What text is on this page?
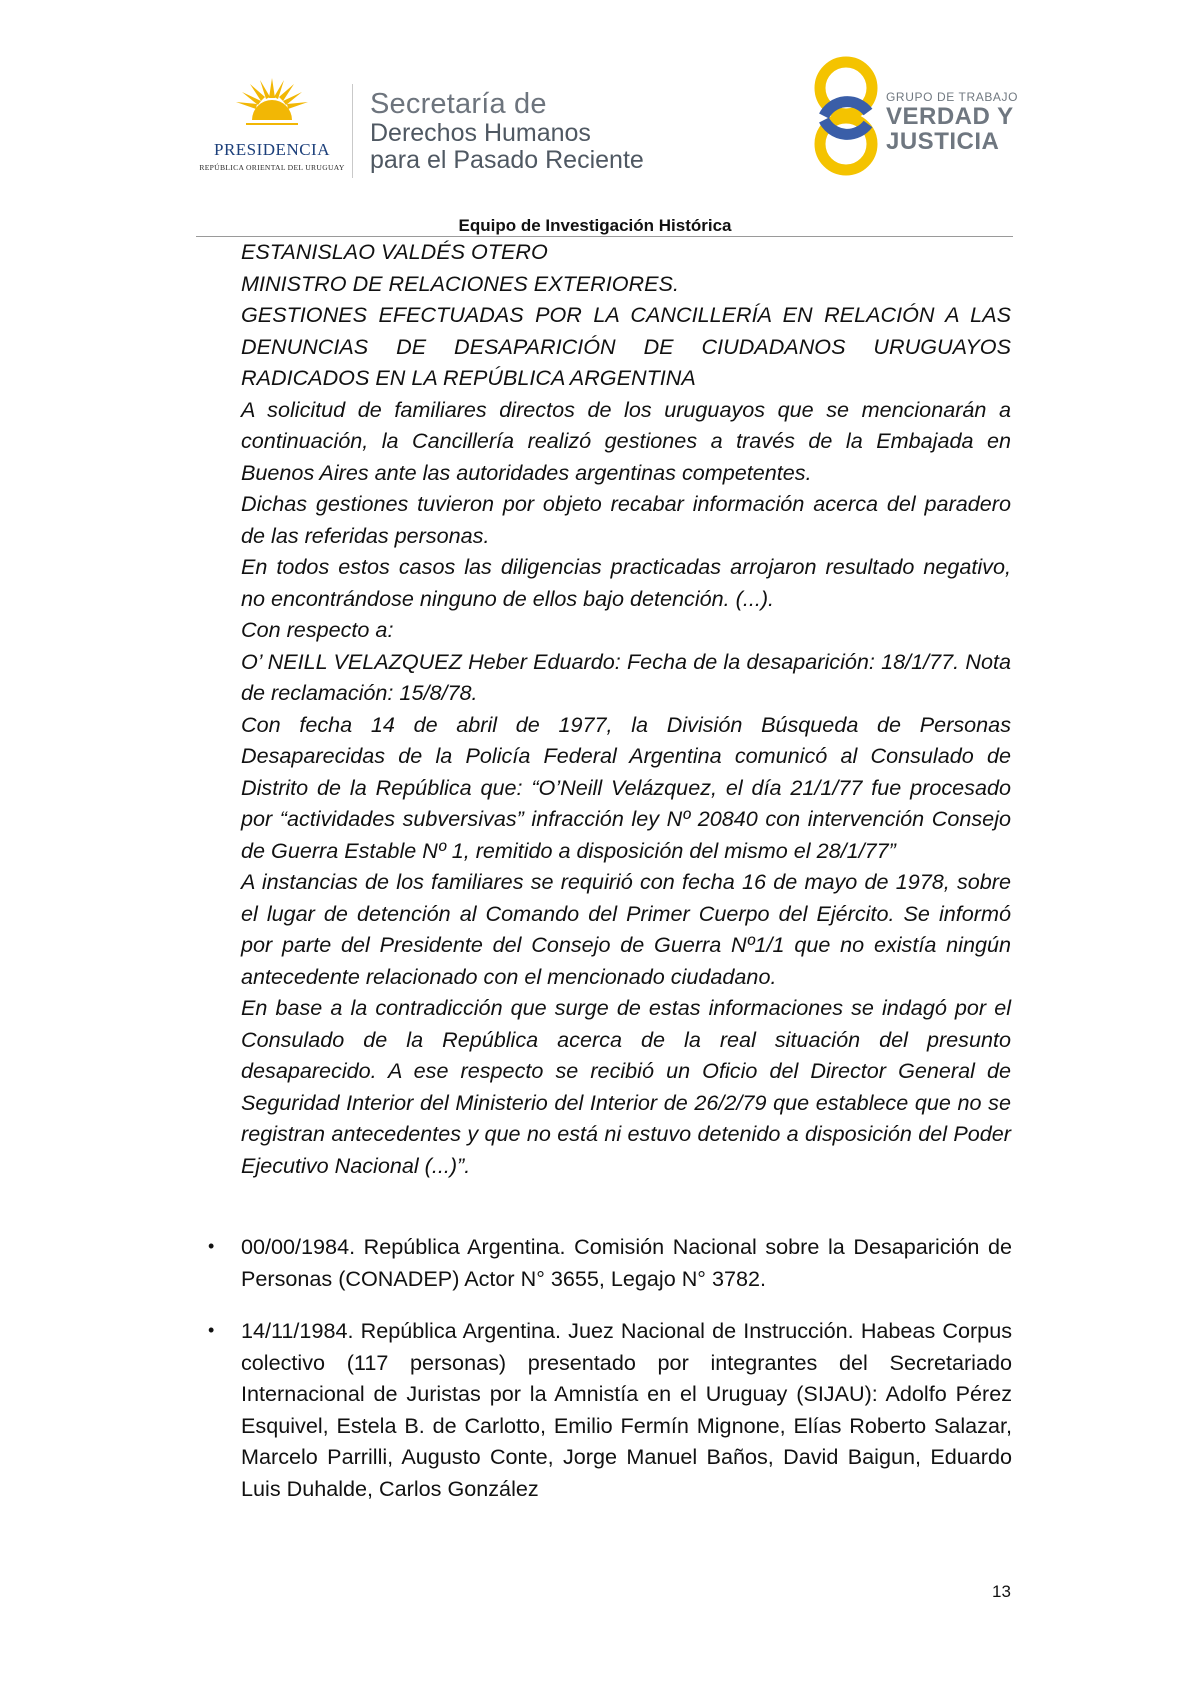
PRESIDENCIA
REPÚBLICA ORIENTAL DEL URUGUAY
Secretaría de
Derechos Humanos
para el Pasado Reciente
GRUPO DE TRABAJO
VERDAD Y
JUSTICIA
Equipo de Investigación Histórica

ESTANISLAO VALDÉS OTERO

MINISTRO DE RELACIONES EXTERIORES.

GESTIONES EFECTUADAS POR LA CANCILLERÍA EN RELACIÓN A LAS DENUNCIAS DE DESAPARICIÓN DE CIUDADANOS URUGUAYOS RADICADOS EN LA REPÚBLICA ARGENTINA

A solicitud de familiares directos de los uruguayos que se mencionarán a continuación, la Cancillería realizó gestiones a través de la Embajada en Buenos Aires ante las autoridades argentinas competentes.

Dichas gestiones tuvieron por objeto recabar información acerca del paradero de las referidas personas.

En todos estos casos las diligencias practicadas arrojaron resultado negativo, no encontrándose ninguno de ellos bajo detención. (...).

Con respecto a:

O’ NEILL VELAZQUEZ Heber Eduardo: Fecha de la desaparición: 18/1/77. Nota de reclamación: 15/8/78.

Con fecha 14 de abril de 1977, la División Búsqueda de Personas Desaparecidas de la Policía Federal Argentina comunicó al Consulado de Distrito de la República que: “O’Neill Velázquez, el día 21/1/77 fue procesado por “actividades subversivas” infracción ley Nº 20840 con intervención Consejo de Guerra Estable Nº 1, remitido a disposición del mismo el 28/1/77”

A instancias de los familiares se requirió con fecha 16 de mayo de 1978, sobre el lugar de detención al Comando del Primer Cuerpo del Ejército. Se informó por parte del Presidente del Consejo de Guerra Nº1/1 que no existía ningún antecedente relacionado con el mencionado ciudadano.

En base a la contradicción que surge de estas informaciones se indagó por el Consulado de la República acerca de la real situación del presunto desaparecido. A ese respecto se recibió un Oficio del Director General de Seguridad Interior del Ministerio del Interior de 26/2/79 que establece que no se registran antecedentes y que no está ni estuvo detenido a disposición del Poder Ejecutivo Nacional (...)”.

• 00/00/1984. República Argentina. Comisión Nacional sobre la Desaparición de Personas (CONADEP) Actor N° 3655, Legajo N° 3782.
• 14/11/1984. República Argentina. Juez Nacional de Instrucción. Habeas Corpus colectivo (117 personas) presentado por integrantes del Secretariado Internacional de Juristas por la Amnistía en el Uruguay (SIJAU): Adolfo Pérez Esquivel, Estela B. de Carlotto, Emilio Fermín Mignone, Elías Roberto Salazar, Marcelo Parrilli, Augusto Conte, Jorge Manuel Baños, David Baigun, Eduardo Luis Duhalde, Carlos González
13
